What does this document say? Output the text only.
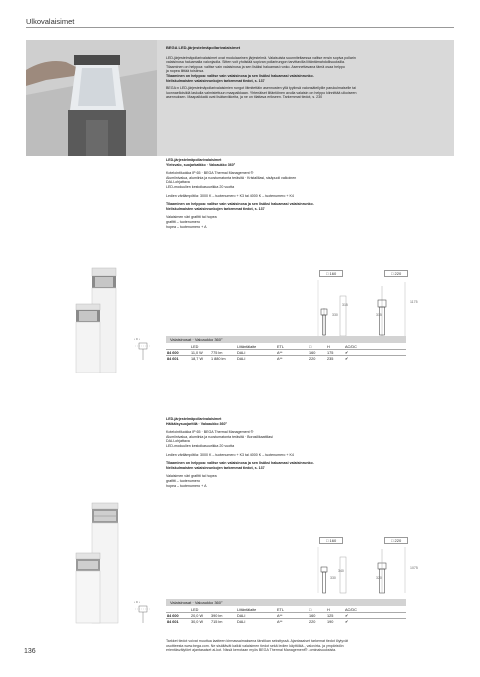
Ulkovalaisimet
BEGA LED-järjestelmäpollarivalaisimet
LED-järjestelmäpollarivalaisimet ovat modulaarinen järjestelmä. Valaisuista suunniteltaessa valitse ensin sopiva pollarin
valaisinosa haluamalla valonjaolla. Sitten voit yhdistää sopivan pollarirungon tarvittavilla liitäntämahdollisuuksilla.
Tilaaminen on helppoa: valitse vain valaisinosa ja sen lisäksi haluamasi runko. Asennettavana tämä osaa helppo
ja nopea liittää toisiinsa.
Tilaaminen on helppoa: valitse vain valaisinosa ja sen lisäksi haluamasi valaisinrunko.
Neliskulmaisten valaisinrunkojen tarkemmat tiedot, s. 137
BEGA:n LED-järjestelmäpollarivalaisimien rungot liitmitettäin asennusten yllä tyylinsä valonsäteilyille parukulmaiselle tai
luonnaelloisiklä laskulla valmistettuun maapaikkaan. Yhtenäiset liitäntöinen avulla valaisin on helppo kiinnittää ulkoiseen
asennuksen. Maapaikkatä ovat lisätarvikkeita, ja ne on tilattava erikseen. Tarkemmat tiedot, s. 230
LED-järjestelmäpollarivalaisimet
Yleisvalo, suojarkatkko · Valoaukko 360°
Kotelointiluokka IP 65 · BEGA Thermal Management ®
Alumiinivalua, alumiinia ja ruostumatonta teräsitä · Kristallilasi, sisäpuoli valkoinen
DALI-ohjattava
LED-moduulien kestoikasuurikka 20 vuotta
Ledien värilämpötila: 3000 K – tuotenumero + K3 tai 4000 K – tuotenumero + K4
Tilaaminen on helppoa: valitse vain valaisinosa ja sen lisäksi haluamasi valaisinrunko.
Neliskulmaisten valaisinrunkojen tarkemmat tiedot, s. 137
Valaisimen väri grafitti tai hopea
grafitti – tuotenumero
hopea – tuotenumero + A
□ 160	□ 220
315
330	315
1175
• D •	Valaisinosat · Valoaukko 360°
	LED		Liitäntälaite	ETL	□	H	AC/DC
84 600	11,0 W	775 lm	DALI	A**	160	175	✔
84 601	18,7 W	1 880 lm	DALI	A**	220	235	✔
LED-järjestelmäpollarivalaisimet
Häikäisysuojaritilä · Valoaukko 360°
Kotelointiluokka IP 65 · BEGA Thermal Management ®
Alumiinivalua, alumiinia ja ruostumatonta teräsitä · Borosilikaattilasi
DALI-ohjattava
LED-moduulien kestoikasuurikka 20 vuotta
Ledien värilämpötila: 3000 K – tuotenumero + K3 tai 4000 K – tuotenumero + K4
Tilaaminen on helppoa: valitse vain valaisinosa ja sen lisäksi haluamasi valaisinrunko.
Neliskulmaisten valaisinrunkojen tarkemmat tiedot, s. 137
Valaisimen väri grafitti tai hopea
grafitti – tuotenumero
hopea – tuotenumero + A
□ 160	□ 220
340
330	320
1075
• D •	Valaisinosat · Valoaukko 360°
	LED		Liitäntälaite	ETL	□	H	AC/DC
84 600	20,0 W	390 lm	DALI	A**	160	125	✔
84 601	30,0 W	715 lm	DALI	A**	220	190	✔
Tarkket tiedot voivat muuttua laatteen kirmassaimaksena tärstikan seksttyssä. Ajantasaiset tarkemat tiedot löytyvät
osoitteesta www.bega.com. Ne sisältävät kaikki valaisimen tiedot sekä ledien käyttöikä-, valovirta- ja ympäristön
erientäsvälytöet ajantasaiset ai-kot. Nissä kerrotaan myös BEGA Thermal Management® -ominaisuuksista.
136
